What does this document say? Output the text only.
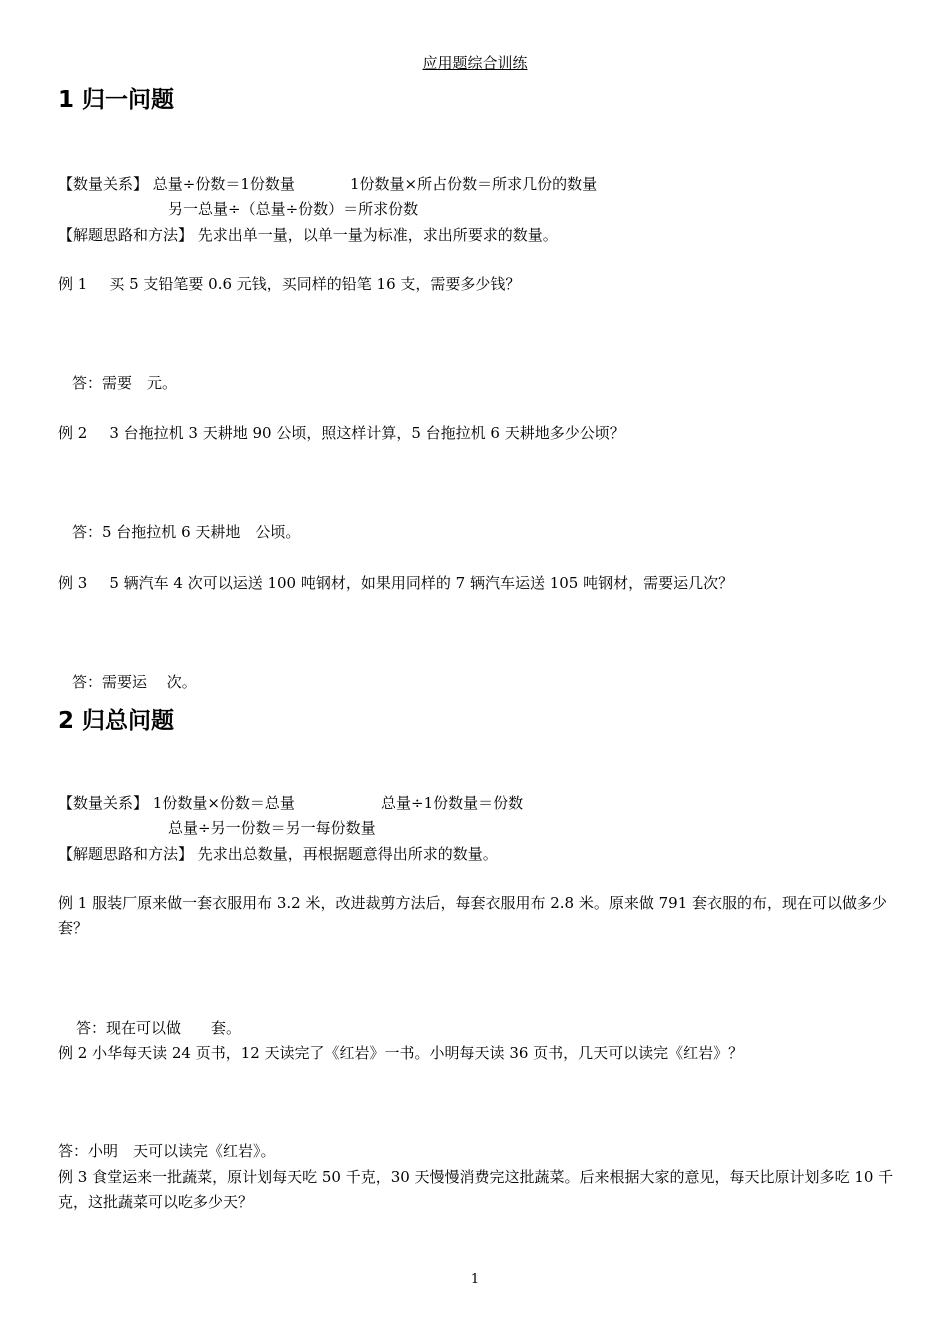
应用题综合训练
1 归一问题
【数量关系】 总量÷份数＝1份数量	1份数量×所占份数＝所求几份的数量
另一总量÷（总量÷份数）＝所求份数
【解题思路和方法】 先求出单一量，以单一量为标准，求出所要求的数量。
例 1 买 5 支铅笔要 0.6 元钱，买同样的铅笔 16 支，需要多少钱？
答：需要　元。
例 2 3 台拖拉机 3 天耕地 90 公顷，照这样计算，5 台拖拉机 6 天耕地多少公顷？
答：5 台拖拉机 6 天耕地　公顷。
例 3 5 辆汽车 4 次可以运送 100 吨钢材，如果用同样的 7 辆汽车运送 105 吨钢材，需要运几次？
答：需要运　 次。
2 归总问题
【数量关系】 1份数量×份数＝总量	总量÷1份数量＝份数
总量÷另一份数＝另一每份数量
【解题思路和方法】 先求出总数量，再根据题意得出所求的数量。
例 1 服装厂原来做一套衣服用布 3.2 米，改进裁剪方法后，每套衣服用布 2.8 米。原来做 791 套衣服的布，现在可以做多少套？
答：现在可以做　　套。
例 2 小华每天读 24 页书，12 天读完了《红岩》一书。小明每天读 36 页书，几天可以读完《红岩》？
答：小明　天可以读完《红岩》。
例 3 食堂运来一批蔬菜，原计划每天吃 50 千克，30 天慢慢消费完这批蔬菜。后来根据大家的意见，每天比原计划多吃 10 千克，这批蔬菜可以吃多少天？
1
